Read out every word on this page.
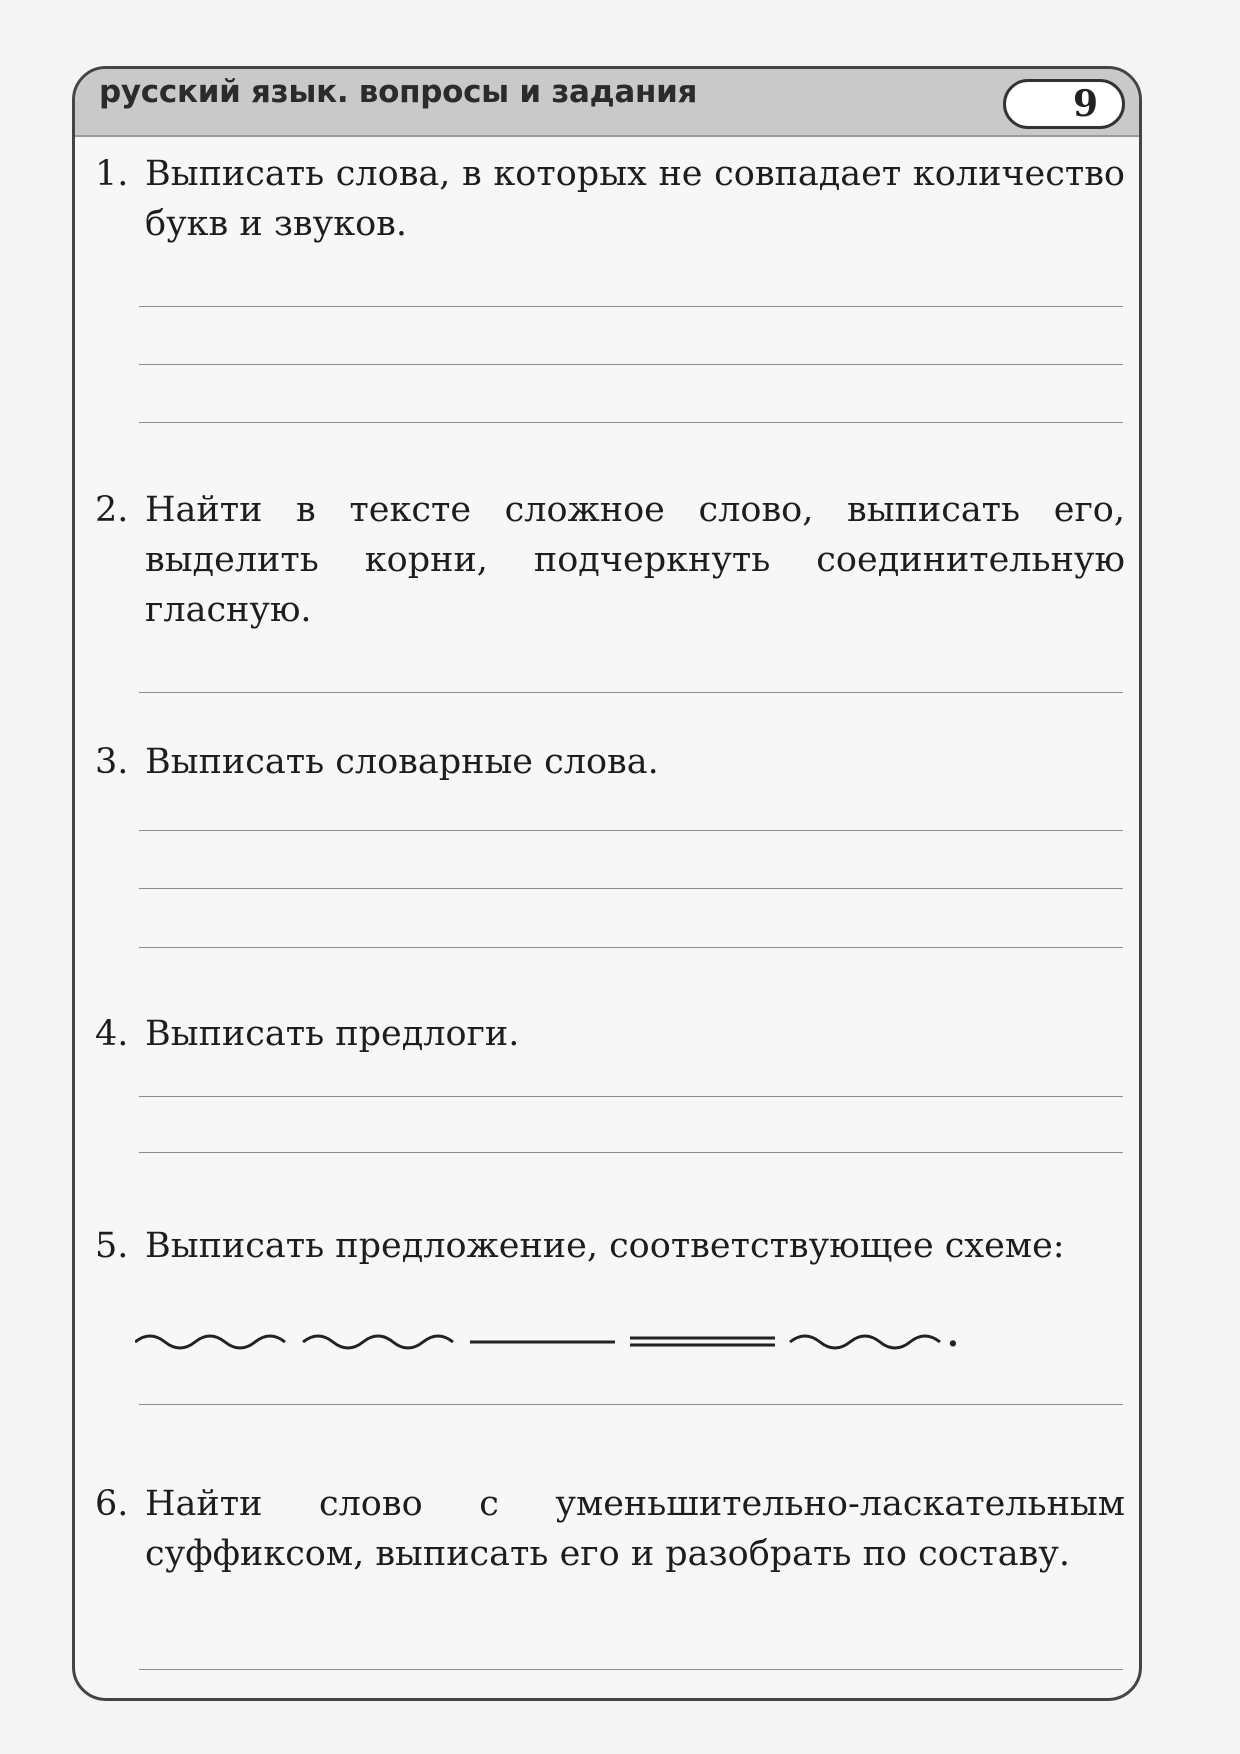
русский язык. вопросы и задания	9
1. Выписать слова, в которых не совпадает количество букв и звуков.
2. Найти в тексте сложное слово, выписать его, выделить корни, подчеркнуть соединительную гласную.
3. Выписать словарные слова.
4. Выписать предлоги.
5. Выписать предложение, соответствующее схеме:
.
6. Найти слово с уменьшительно-ласкательным суффиксом, выписать его и разобрать по составу.
